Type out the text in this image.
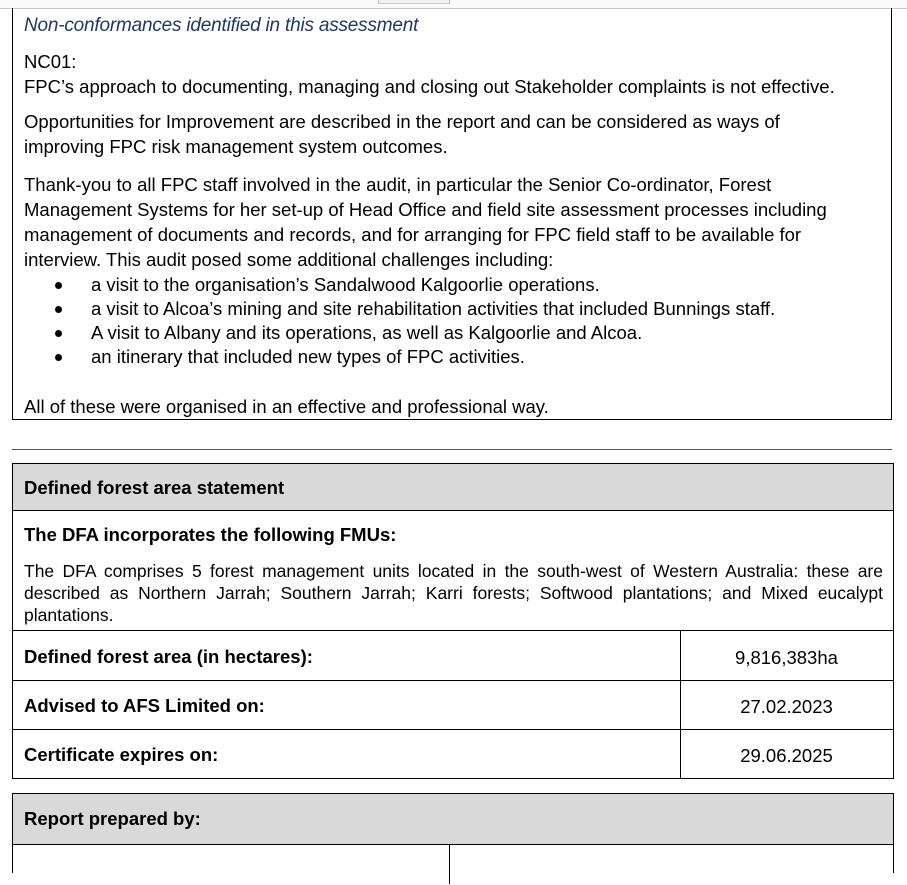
Non-conformances identified in this assessment
NC01:
FPC’s approach to documenting, managing and closing out Stakeholder complaints is not effective.
Opportunities for Improvement are described in the report and can be considered as ways of
improving FPC risk management system outcomes.
Thank-you to all FPC staff involved in the audit, in particular the Senior Co-ordinator, Forest
Management Systems for her set-up of Head Office and field site assessment processes including
management of documents and records, and for arranging for FPC field staff to be available for
interview. This audit posed some additional challenges including:
a visit to the organisation’s Sandalwood Kalgoorlie operations.
a visit to Alcoa’s mining and site rehabilitation activities that included Bunnings staff.
A visit to Albany and its operations, as well as Kalgoorlie and Alcoa.
an itinerary that included new types of FPC activities.
All of these were organised in an effective and professional way.
Defined forest area statement
The DFA incorporates the following FMUs:
The DFA comprises 5 forest management units located in the south-west of Western Australia: these are described as Northern Jarrah; Southern Jarrah; Karri forests; Softwood plantations; and Mixed eucalypt plantations.
Defined forest area (in hectares):	9,816,383ha
Advised to AFS Limited on:	27.02.2023
Certificate expires on:	29.06.2025
Report prepared by:
